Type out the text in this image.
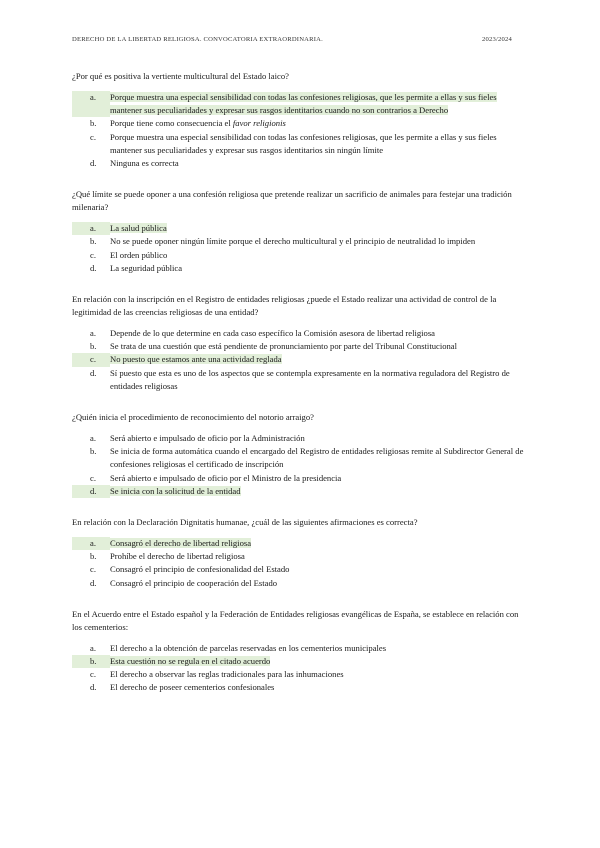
DERECHO DE LA LIBERTAD RELIGIOSA. CONVOCATORIA EXTRAORDINARIA.	2023/2024
¿Por qué es positiva la vertiente multicultural del Estado laico?
a.	Porque muestra una especial sensibilidad con todas las confesiones religiosas, que les permite a ellas y sus fieles mantener sus peculiaridades y expresar sus rasgos identitarios cuando no son contrarios a Derecho
b.	Porque tiene como consecuencia el favor religionis
c.	Porque muestra una especial sensibilidad con todas las confesiones religiosas, que les permite a ellas y sus fieles mantener sus peculiaridades y expresar sus rasgos identitarios sin ningún límite
d.	Ninguna es correcta
¿Qué límite se puede oponer a una confesión religiosa que pretende realizar un sacrificio de animales para festejar una tradición milenaria?
a.	La salud pública
b.	No se puede oponer ningún límite porque el derecho multicultural y el principio de neutralidad lo impiden
c.	El orden público
d.	La seguridad pública
En relación con la inscripción en el Registro de entidades religiosas ¿puede el Estado realizar una actividad de control de la legitimidad de las creencias religiosas de una entidad?
a.	Depende de lo que determine en cada caso específico la Comisión asesora de libertad religiosa
b.	Se trata de una cuestión que está pendiente de pronunciamiento por parte del Tribunal Constitucional
c.	No puesto que estamos ante una actividad reglada
d.	Sí puesto que esta es uno de los aspectos que se contempla expresamente en la normativa reguladora del Registro de entidades religiosas
¿Quién inicia el procedimiento de reconocimiento del notorio arraigo?
a.	Será abierto e impulsado de oficio por la Administración
b.	Se inicia de forma automática cuando el encargado del Registro de entidades religiosas remite al Subdirector General de confesiones religiosas el certificado de inscripción
c.	Será abierto e impulsado de oficio por el Ministro de la presidencia
d.	Se inicia con la solicitud de la entidad
En relación con la Declaración Dignitatis humanae, ¿cuál de las siguientes afirmaciones es correcta?
a.	Consagró el derecho de libertad religiosa
b.	Prohíbe el derecho de libertad religiosa
c.	Consagró el principio de confesionalidad del Estado
d.	Consagró el principio de cooperación del Estado
En el Acuerdo entre el Estado español y la Federación de Entidades religiosas evangélicas de España, se establece en relación con los cementerios:
a.	El derecho a la obtención de parcelas reservadas en los cementerios municipales
b.	Esta cuestión no se regula en el citado acuerdo
c.	El derecho a observar las reglas tradicionales para las inhumaciones
d.	El derecho de poseer cementerios confesionales
